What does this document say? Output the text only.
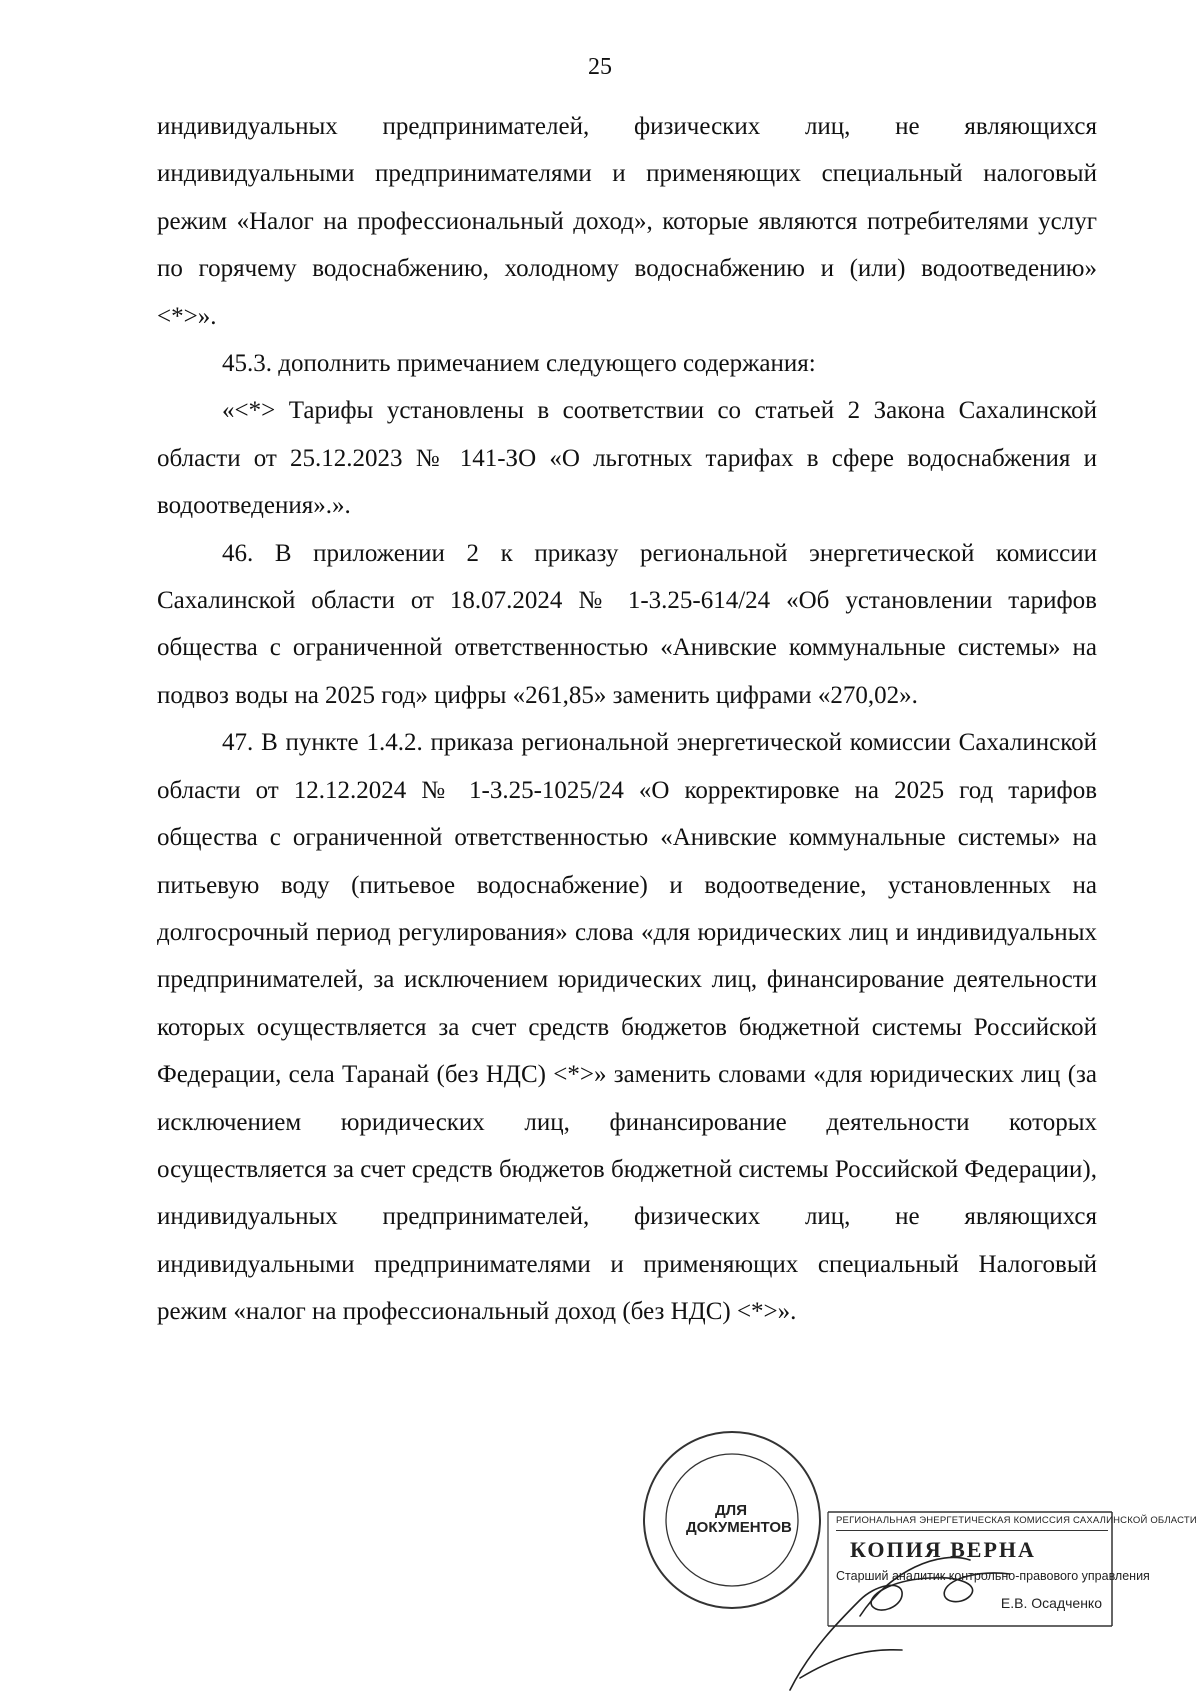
25

индивидуальных предпринимателей, физических лиц, не являющихся индивидуальными предпринимателями и применяющих специальный налоговый режим «Налог на профессиональный доход», которые являются потребителями услуг по горячему водоснабжению, холодному водоснабжению и (или) водоотведению» <*>».

45.3. дополнить примечанием следующего содержания:

«<*> Тарифы установлены в соответствии со статьей 2 Закона Сахалинской области от 25.12.2023 № 141-ЗО «О льготных тарифах в сфере водоснабжения и водоотведения».».

46. В приложении 2 к приказу региональной энергетической комиссии Сахалинской области от 18.07.2024 № 1-3.25-614/24 «Об установлении тарифов общества с ограниченной ответственностью «Анивские коммунальные системы» на подвоз воды на 2025 год» цифры «261,85» заменить цифрами «270,02».

47. В пункте 1.4.2. приказа региональной энергетической комиссии Сахалинской области от 12.12.2024 № 1-3.25-1025/24 «О корректировке на 2025 год тарифов общества с ограниченной ответственностью «Анивские коммунальные системы» на питьевую воду (питьевое водоснабжение) и водоотведение, установленных на долгосрочный период регулирования» слова «для юридических лиц и индивидуальных предпринимателей, за исключением юридических лиц, финансирование деятельности которых осуществляется за счет средств бюджетов бюджетной системы Российской Федерации, села Таранай (без НДС) <*>» заменить словами «для юридических лиц (за исключением юридических лиц, финансирование деятельности которых осуществляется за счет средств бюджетов бюджетной системы Российской Федерации), индивидуальных предпринимателей, физических лиц, не являющихся индивидуальными предпринимателями и применяющих специальный Налоговый режим «налог на профессиональный доход (без НДС) <*>».

ДЛЯ ДОКУМЕНТОВ	РЕГИОНАЛЬНАЯ ЭНЕРГЕТИЧЕСКАЯ КОМИССИЯ САХАЛИНСКОЙ ОБЛАСТИ
КОПИЯ ВЕРНА
Старший аналитик контрольно-правового управления
Е.В. Осадченко
